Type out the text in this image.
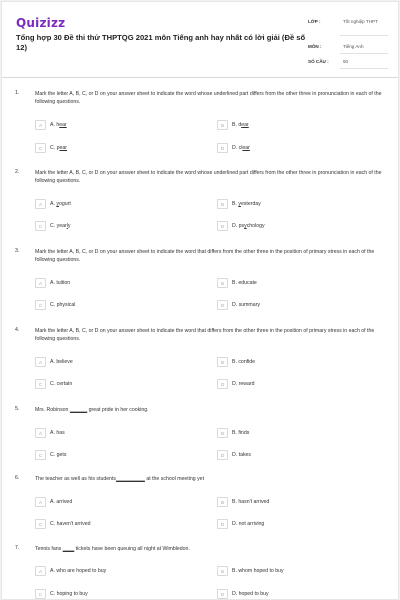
Quizizz
Tổng hợp 30 Đề thi thử THPTQG 2021 môn Tiếng anh hay nhất có lời giải (Đề số 12)
LỚP :	Tốt nghiệp THPT
MÔN :	Tiếng Anh
SỐ CÂU :	50
1.	Mark the letter A, B, C, or D on your answer sheet to indicate the word whose underlined part differs from the other three in pronunciation in each of the following questions.
A	A. hear	B	B. dear
C	C. pear	D	D. clear
2.	Mark the letter A, B, C, or D on your answer sheet to indicate the word whose underlined part differs from the other three in pronunciation in each of the following questions.
A	A. yogurt	B	B. yesterday
C	C. yearly	D	D. psychology
3.	Mark the letter A, B, C, or D on your answer sheet to indicate the word that differs from the other three in the position of primary stress in each of the following questions.
A	A. tuition	B	B. educate
C	C. physical	D	D. summary
4.	Mark the letter A, B, C, or D on your answer sheet to indicate the word that differs from the other three in the position of primary stress in each of the following questions.
A	A. believe	B	B. confide
C	C. certain	D	D. reward
5.	Mrs. Robinson ______ great pride in her cooking.
A	A. has	B	B. finds
C	C. gets	D	D. takes
6.	The teacher as well as his students__________ at the school meeting yet
A	A. arrived	B	B. hasn't arrived
C	C. haven't arrived	D	D. not arriving
7.	Tennis fans ____ tickets have been queuing all night at Wimbledon.
A	A. who are hoped to buy	B	B. whom hoped to buy
C	C. hoping to buy	D	D. hoped to buy
